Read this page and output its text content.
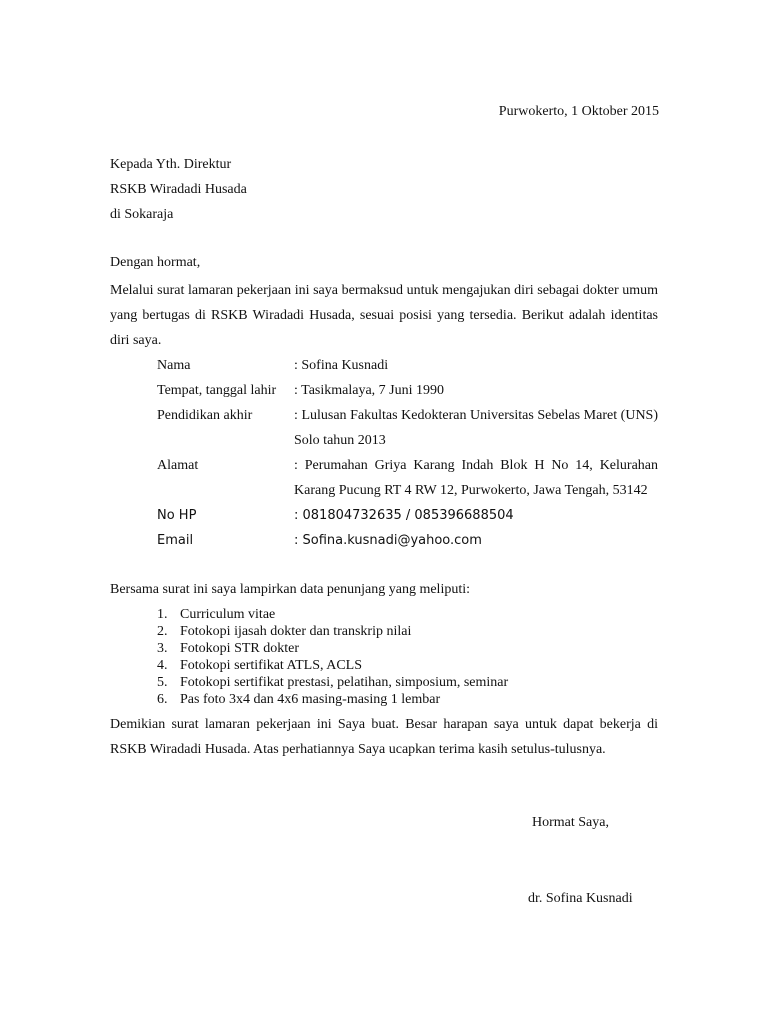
Purwokerto, 1 Oktober 2015
Kepada Yth. Direktur
RSKB Wiradadi Husada
di Sokaraja
Dengan hormat,
Melalui surat lamaran pekerjaan ini saya bermaksud untuk mengajukan diri sebagai dokter umum yang bertugas di RSKB Wiradadi Husada, sesuai posisi yang tersedia. Berikut adalah identitas diri saya.
Nama	: Sofina Kusnadi
Tempat, tanggal lahir	: Tasikmalaya, 7 Juni 1990
Pendidikan akhir	: Lulusan Fakultas Kedokteran Universitas Sebelas Maret (UNS) Solo tahun 2013
Alamat	: Perumahan Griya Karang Indah Blok H No 14, Kelurahan Karang Pucung RT 4 RW 12, Purwokerto, Jawa Tengah, 53142
No HP	: 081804732635 / 085396688504
Email	: Sofina.kusnadi@yahoo.com
Bersama surat ini saya lampirkan data penunjang yang meliputi:
1. Curriculum vitae
2. Fotokopi ijasah dokter dan transkrip nilai
3. Fotokopi STR dokter
4. Fotokopi sertifikat ATLS, ACLS
5. Fotokopi sertifikat prestasi, pelatihan, simposium, seminar
6. Pas foto 3x4 dan 4x6 masing-masing 1 lembar
Demikian surat lamaran pekerjaan ini Saya buat. Besar harapan saya untuk dapat bekerja di RSKB Wiradadi Husada. Atas perhatiannya Saya ucapkan terima kasih setulus-tulusnya.
Hormat Saya,
dr. Sofina Kusnadi
